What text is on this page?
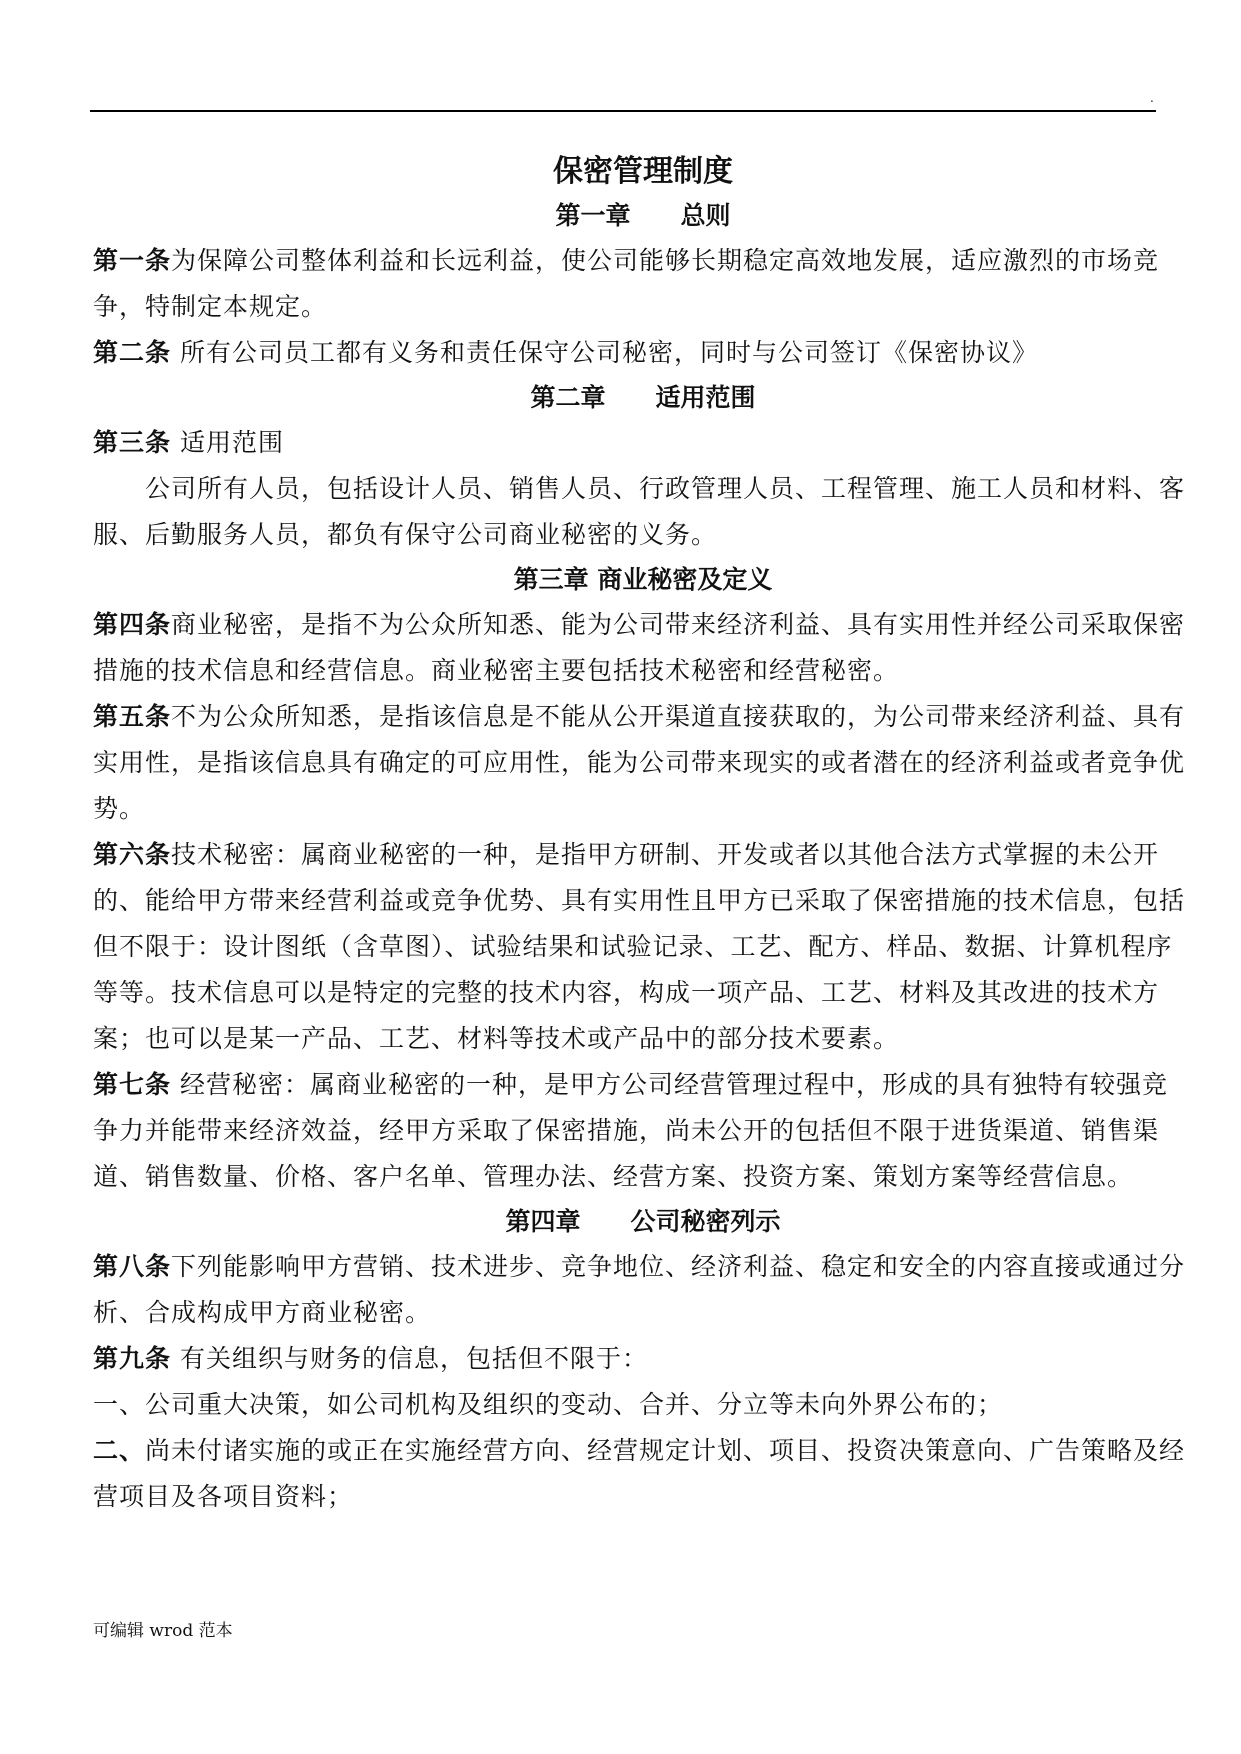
.
保密管理制度
第一章 总则

第一条为保障公司整体利益和长远利益，使公司能够长期稳定高效地发展，适应激烈的市场竞争，特制定本规定。

第二条 所有公司员工都有义务和责任保守公司秘密，同时与公司签订《保密协议》

第二章 适用范围

第三条 适用范围

公司所有人员，包括设计人员、销售人员、行政管理人员、工程管理、施工人员和材料、客服、后勤服务人员，都负有保守公司商业秘密的义务。

第三章 商业秘密及定义

第四条商业秘密，是指不为公众所知悉、能为公司带来经济利益、具有实用性并经公司采取保密措施的技术信息和经营信息。商业秘密主要包括技术秘密和经营秘密。

第五条不为公众所知悉，是指该信息是不能从公开渠道直接获取的，为公司带来经济利益、具有实用性，是指该信息具有确定的可应用性，能为公司带来现实的或者潜在的经济利益或者竞争优势。

第六条技术秘密：属商业秘密的一种，是指甲方研制、开发或者以其他合法方式掌握的未公开的、能给甲方带来经营利益或竞争优势、具有实用性且甲方已采取了保密措施的技术信息，包括但不限于：设计图纸（含草图）、试验结果和试验记录、工艺、配方、样品、数据、计算机程序等等。技术信息可以是特定的完整的技术内容，构成一项产品、工艺、材料及其改进的技术方案；也可以是某一产品、工艺、材料等技术或产品中的部分技术要素。

第七条 经营秘密：属商业秘密的一种，是甲方公司经营管理过程中，形成的具有独特有较强竞争力并能带来经济效益，经甲方采取了保密措施，尚未公开的包括但不限于进货渠道、销售渠道、销售数量、价格、客户名单、管理办法、经营方案、投资方案、策划方案等经营信息。

第四章 公司秘密列示

第八条下列能影响甲方营销、技术进步、竞争地位、经济利益、稳定和安全的内容直接或通过分析、合成构成甲方商业秘密。

第九条 有关组织与财务的信息，包括但不限于：

一、公司重大决策，如公司机构及组织的变动、合并、分立等未向外界公布的；

二、尚未付诸实施的或正在实施经营方向、经营规定计划、项目、投资决策意向、广告策略及经营项目及各项目资料；

可编辑 wrod 范本
